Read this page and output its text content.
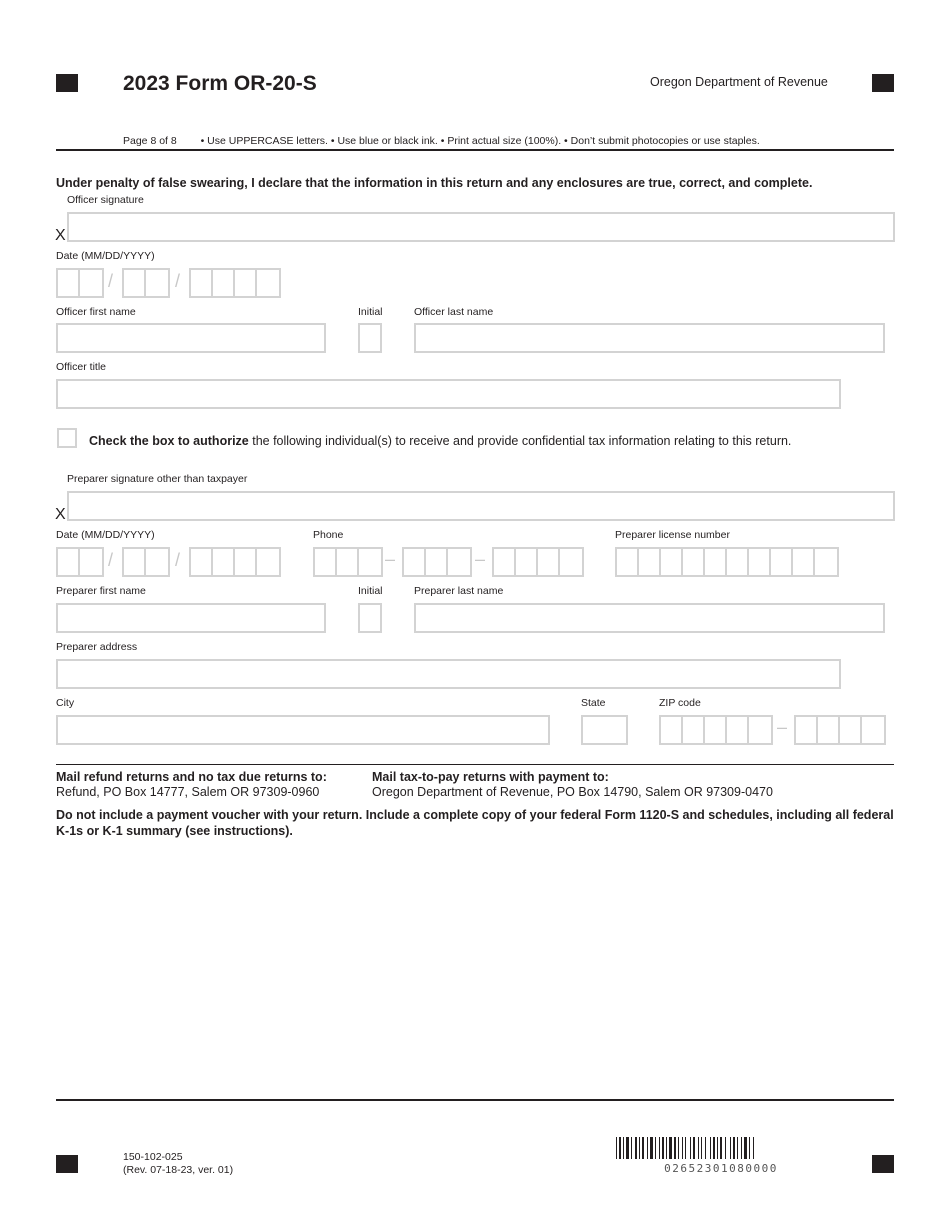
2023 Form OR-20-S	Oregon Department of Revenue
Page 8 of 8 • Use UPPERCASE letters. • Use blue or black ink. • Print actual size (100%). • Don’t submit photocopies or use staples.
Under penalty of false swearing, I declare that the information in this return and any enclosures are true, correct, and complete.
Officer signature
X
Date (MM/DD/YYYY)
/	/
Officer first name	Initial	Officer last name
Officer title
Check the box to authorize the following individual(s) to receive and provide confidential tax information relating to this return.
Preparer signature other than taxpayer
X
Date (MM/DD/YYYY)
/	/
Phone
–	–
Preparer license number
Preparer first name	Initial	Preparer last name
Preparer address
City	State	ZIP code
–
Mail refund returns and no tax due returns to:
Refund, PO Box 14777, Salem OR 97309-0960
Mail tax-to-pay returns with payment to:
Oregon Department of Revenue, PO Box 14790, Salem OR 97309-0470
Do not include a payment voucher with your return. Include a complete copy of your federal Form 1120-S and schedules, including all federal K-1s or K-1 summary (see instructions).
150-102-025
(Rev. 07-18-23, ver. 01)	02652301080000
